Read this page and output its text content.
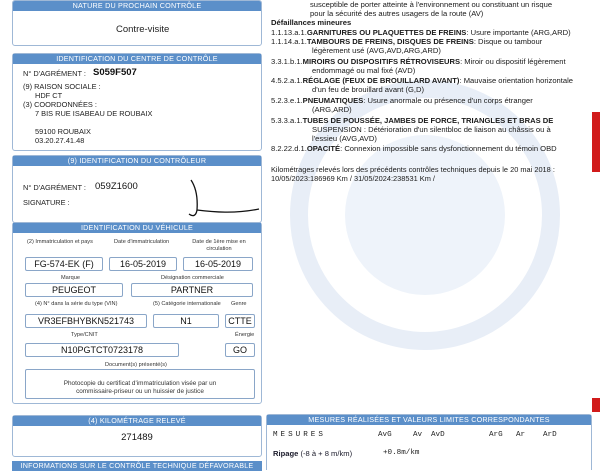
NATURE DU PROCHAIN CONTRÔLE
Contre-visite
IDENTIFICATION DU CENTRE DE CONTRÔLE
N° D'AGRÉMENT : S059F507
(9) RAISON SOCIALE :
HDF CT
(3) COORDONNÉES :
7 BIS RUE ISABEAU DE ROUBAIX
59100 ROUBAIX
03.20.27.41.48
(9) IDENTIFICATION DU CONTRÔLEUR
N° D'AGRÉMENT : 059Z1600
SIGNATURE :
IDENTIFICATION DU VÉHICULE
(2) Immatriculation et pays	Date d'immatriculation	Date de 1ère mise en circulation
FG-574-EK (F)	16-05-2019	16-05-2019
Marque	Désignation commerciale
PEUGEOT	PARTNER
(4) N° dans la série du type (VIN)	(5) Catégorie internationale Genre
VR3EFBHYBKN521743	N1	CTTE
Type/CNIT	Énergie
N10PGTCT0723178	GO
Document(s) présenté(s)
Photocopie du certificat d'immatriculation visée par un
commissaire-priseur ou un huissier de justice
(4) KILOMÉTRAGE RELEVÉ
271489
INFORMATIONS SUR LE CONTRÔLE TECHNIQUE DÉFAVORABLE
susceptible de porter atteinte à l'environnement ou constituant un risque
pour la sécurité des autres usagers de la route (AV)
Défaillances mineures
1.1.13.a.1.GARNITURES OU PLAQUETTES DE FREINS: Usure importante (ARG,ARD)
1.1.14.a.1.TAMBOURS DE FREINS, DISQUES DE FREINS: Disque ou tambour
légèrement usé (AVG,AVD,ARG,ARD)
3.3.1.b.1.MIROIRS OU DISPOSITIFS RÉTROVISEURS: Miroir ou dispositif légèrement
endommagé ou mal fixé (AVD)
4.5.2.a.1.RÉGLAGE (FEUX DE BROUILLARD AVANT): Mauvaise orientation horizontale
d'un feu de brouillard avant (G,D)
5.2.3.e.1.PNEUMATIQUES: Usure anormale ou présence d'un corps étranger
(ARG,ARD)
5.3.3.a.1.TUBES DE POUSSÉE, JAMBES DE FORCE, TRIANGLES ET BRAS DE
SUSPENSION : Détérioration d'un silentbloc de liaison au châssis ou à
l'essieu (AVG,AVD)
8.2.22.d.1.OPACITÉ: Connexion impossible sans dysfonctionnement du témoin OBD
Kilométrages relevés lors des précédents contrôles techniques depuis le 20 mai 2018 :
10/05/2023:186969 Km / 31/05/2024:238531 Km /
MESURES RÉALISÉES ET VALEURS LIMITES CORRESPONDANTES
MESURES	AvG	Av AvD	ArG Ar ArD
Ripage (-8 à + 8 m/km)	+0.8m/km
